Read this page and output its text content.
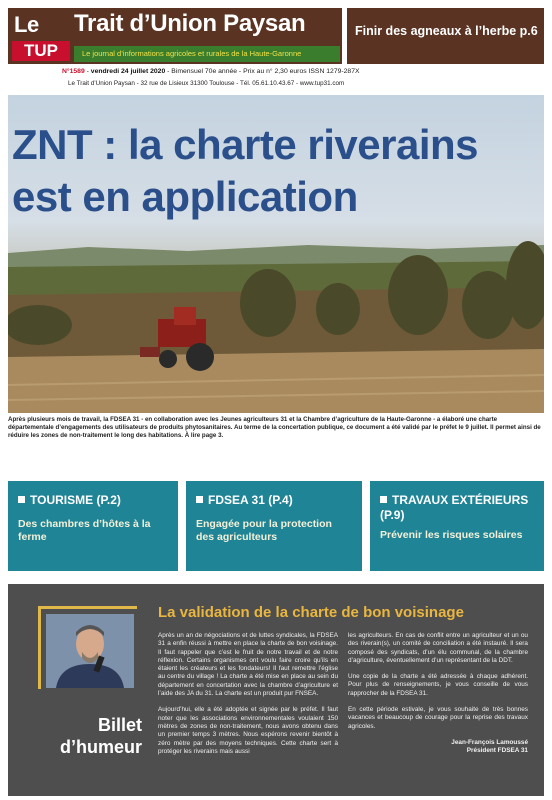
Le
TUP
Trait d’Union Paysan
Le journal d’informations agricoles et rurales de la Haute-Garonne
Finir des agneaux à l’herbe p.6
N°1589 - vendredi 24 juillet 2020 - Bimensuel 70e année - Prix au n° 2,30 euros ISSN 1279-287X
Le Trait d’Union Paysan - 32 rue de Lisieux 31300 Toulouse - Tél. 05.61.10.43.67 - www.tup31.com
ZNT : la charte riverains
est en application
Après plusieurs mois de travail, la FDSEA 31 - en collaboration avec les Jeunes agriculteurs 31 et la Chambre d’agriculture de la Haute-Garonne - a élaboré une charte départementale d’engagements des utilisateurs de produits phytosanitaires. Au terme de la concertation publique, ce document a été validé par le préfet le 9 juillet. Il permet ainsi de réduire les zones de non-traitement le long des habitations. À lire page 3.
TOURISME (P.2)
Des chambres d’hôtes à la ferme
FDSEA 31 (P.4)
Engagée pour la protection des agriculteurs
TRAVAUX EXTÉRIEURS (P.9)
Prévenir les risques solaires
Billet
d’humeur
La validation de la charte de bon voisinage

Après un an de négociations et de luttes syndicales, la FDSEA 31 a enfin réussi à mettre en place la charte de bon voisinage. Il faut rappeler que c’est le fruit de notre travail et de notre réflexion. Certains organismes ont voulu faire croire qu’ils en étaient les créateurs et les fondateurs! Il faut remettre l’église au centre du village ! La charte a été mise en place au sein du département en concertation avec la chambre d’agriculture et l’aide des JA du 31. La charte est un produit pur FNSEA.

Aujourd’hui, elle a été adoptée et signée par le préfet. Il faut noter que les associations environnementales voulaient 150 mètres de zones de non-traitement, nous avons obtenu dans un premier temps 3 mètres. Nous espérons revenir bientôt à zéro mètre par des moyens techniques. Cette charte sert à protéger les riverains mais aussi

les agriculteurs. En cas de conflit entre un agriculteur et un ou des riverain(s), un comité de conciliation a été instauré. Il sera composé des syndicats, d’un élu communal, de la chambre d’agriculture, éventuellement d’un représentant de la DDT.

Une copie de la charte a été adressée à chaque adhérent. Pour plus de renseignements, je vous conseille de vous rapprocher de la FDSEA 31.

En cette période estivale, je vous souhaite de très bonnes vacances et beaucoup de courage pour la reprise des travaux agricoles.

Jean-François Lamoussé
Président FDSEA 31
